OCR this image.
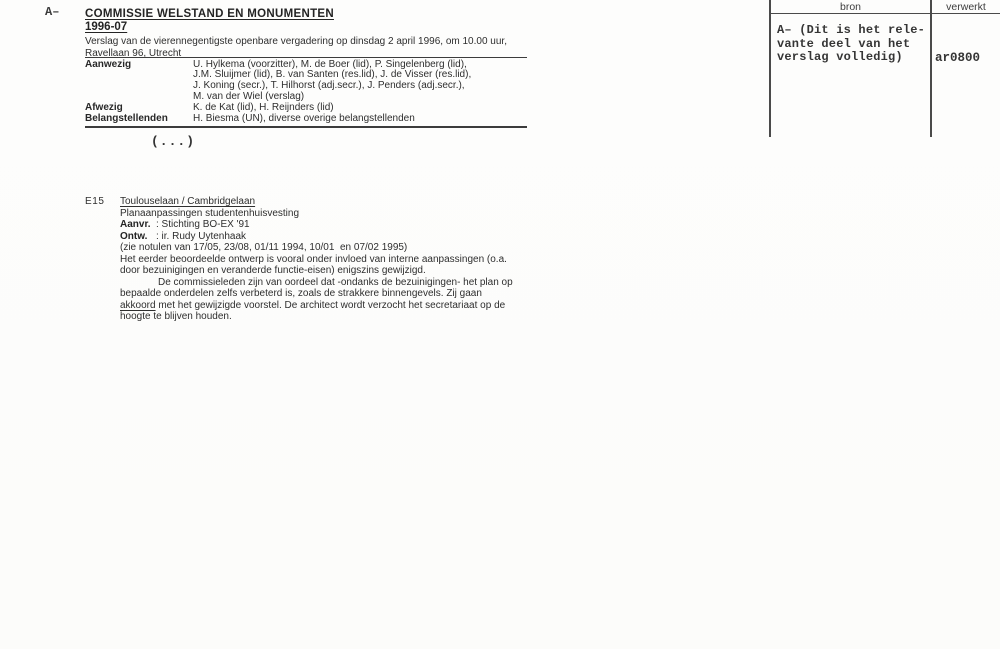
A– COMMISSIE WELSTAND EN MONUMENTEN
1996-07
Verslag van de vierennegentigste openbare vergadering op dinsdag 2 april 1996, om 10.00 uur,
Ravellaan 96, Utrecht
Aanwezig	U. Hylkema (voorzitter), M. de Boer (lid), P. Singelenberg (lid),
J.M. Sluijmer (lid), B. van Santen (res.lid), J. de Visser (res.lid),
J. Koning (secr.), T. Hilhorst (adj.secr.), J. Penders (adj.secr.),
M. van der Wiel (verslag)
Afwezig	K. de Kat (lid), H. Reijnders (lid)
Belangstellenden	H. Biesma (UN), diverse overige belangstellenden
(...)
E15 Toulouselaan / Cambridgelaan
Planaanpassingen studentenhuisvesting
Aanvr. : Stichting BO-EX '91
Ontw. : ir. Rudy Uytenhaak
(zie notulen van 17/05, 23/08, 01/11 1994, 10/01  en 07/02 1995)
Het eerder beoordeelde ontwerp is vooral onder invloed van interne aanpassingen (o.a.
door bezuinigingen en veranderde functie-eisen) enigszins gewijzigd.
De commissieleden zijn van oordeel dat -ondanks de bezuinigingen- het plan op
bepaalde onderdelen zelfs verbeterd is, zoals de strakkere binnengevels. Zij gaan
akkoord met het gewijzigde voorstel. De architect wordt verzocht het secretariaat op de
hoogte te blijven houden.
bron	verwerkt
A– (Dit is het rele-
vante deel van het
verslag volledig)	ar0800
